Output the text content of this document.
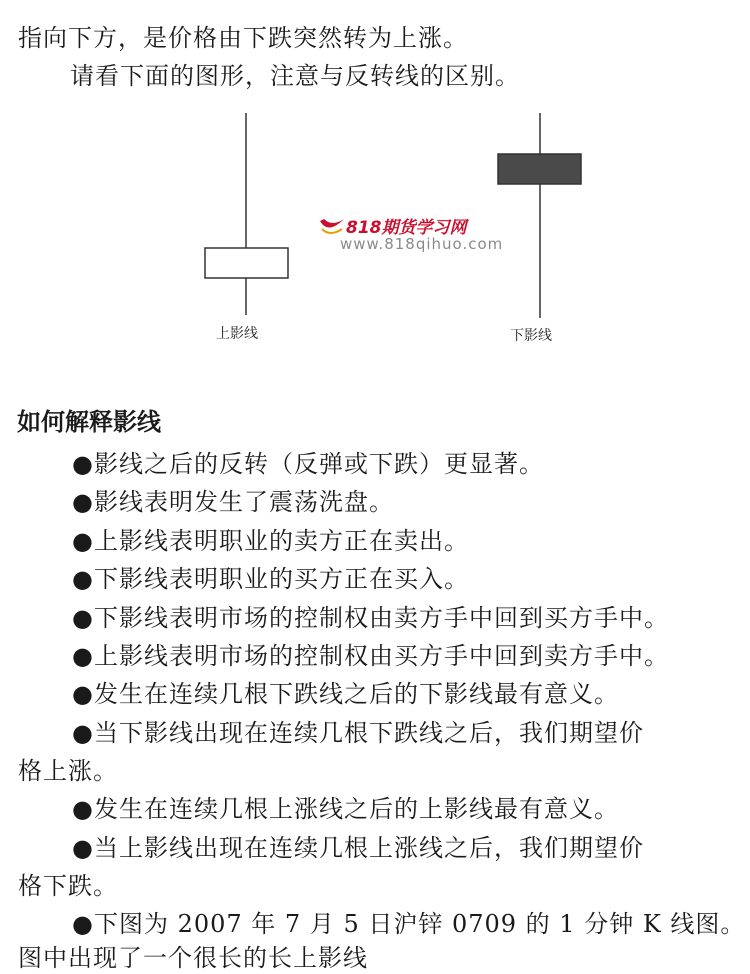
指向下方，是价格由下跌突然转为上涨。
请看下面的图形，注意与反转线的区别。
上影线	下影线
818期货学习网
www.818qihuo.com
如何解释影线
●影线之后的反转（反弹或下跌）更显著。
●影线表明发生了震荡洗盘。
●上影线表明职业的卖方正在卖出。
●下影线表明职业的买方正在买入。
●下影线表明市场的控制权由卖方手中回到买方手中。
●上影线表明市场的控制权由买方手中回到卖方手中。
●发生在连续几根下跌线之后的下影线最有意义。
●当下影线出现在连续几根下跌线之后，我们期望价
格上涨。
●发生在连续几根上涨线之后的上影线最有意义。
●当上影线出现在连续几根上涨线之后，我们期望价
格下跌。
●下图为 2007 年 7 月 5 日沪锌 0709 的 1 分钟 K 线图。
图中出现了一个很长的长上影线
